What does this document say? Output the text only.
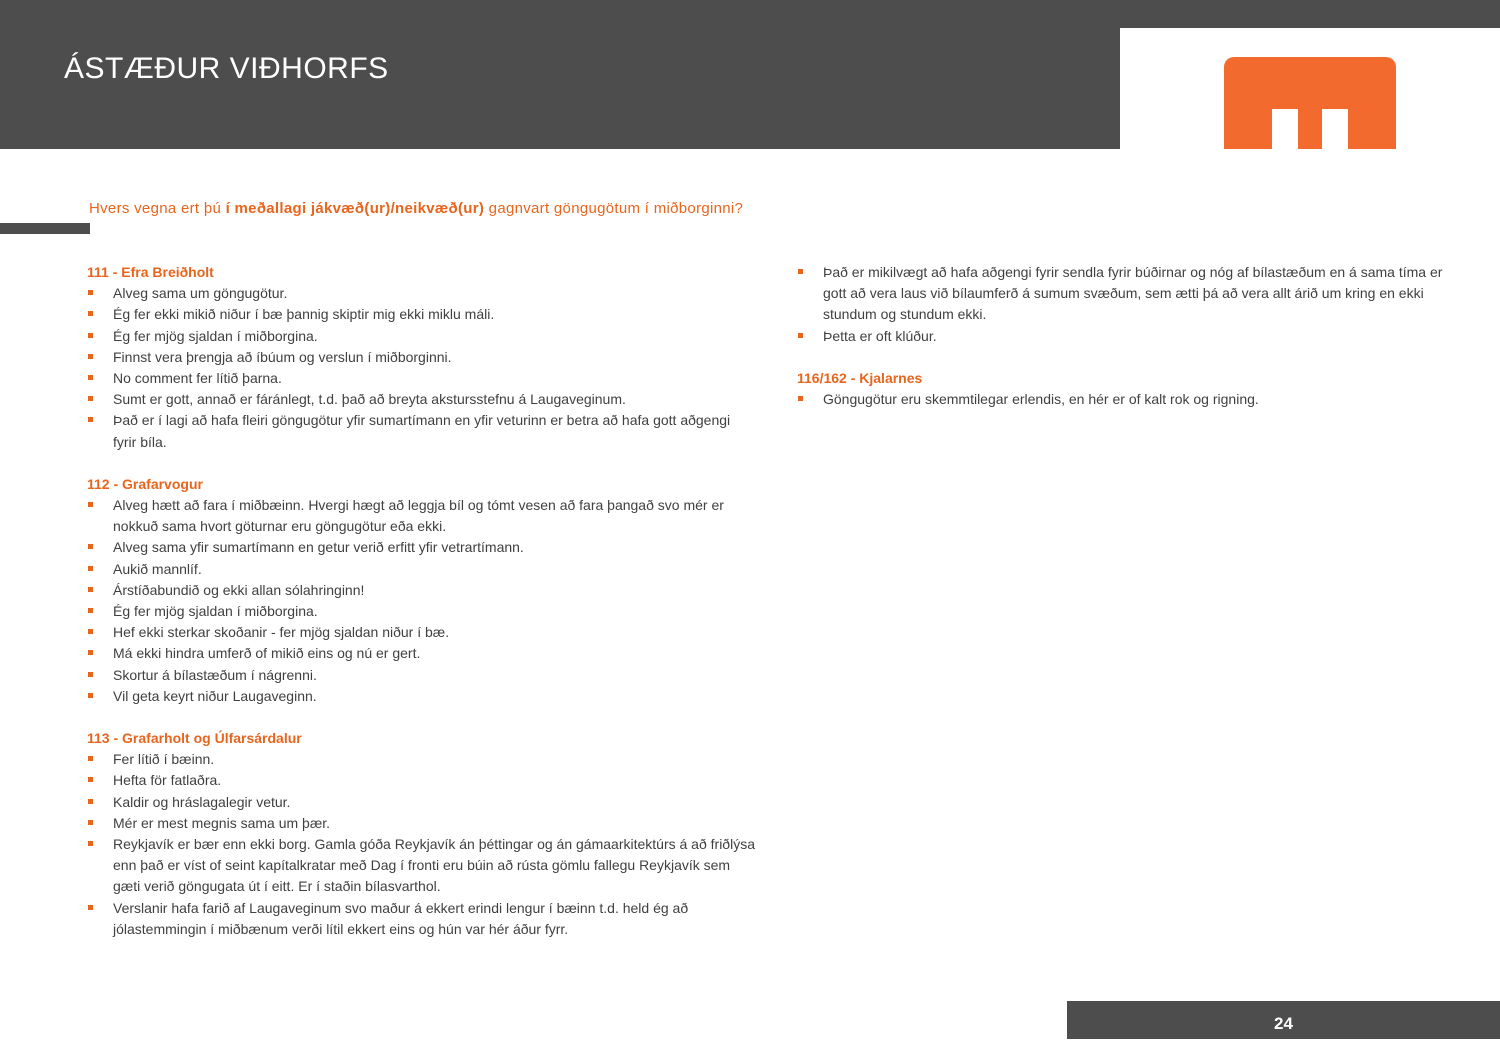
ÁSTÆÐUR VIÐHORFS
Hvers vegna ert þú í meðallagi jákvæð(ur)/neikvæð(ur) gagnvart göngugötum í miðborginni?

111 - Efra Breiðholt

Alveg sama um göngugötur.
Ég fer ekki mikið niður í bæ þannig skiptir mig ekki miklu máli.
Ég fer mjög sjaldan í miðborgina.
Finnst vera þrengja að íbúum og verslun í miðborginni.
No comment fer lítið þarna.
Sumt er gott, annað er fáránlegt, t.d. það að breyta akstursstefnu á Laugaveginum.
Það er í lagi að hafa fleiri göngugötur yfir sumartímann en yfir veturinn er betra að hafa gott aðgengi fyrir bíla.

112 - Grafarvogur

Alveg hætt að fara í miðbæinn. Hvergi hægt að leggja bíl og tómt vesen að fara þangað svo mér er nokkuð sama hvort göturnar eru göngugötur eða ekki.
Alveg sama yfir sumartímann en getur verið erfitt yfir vetrartímann.
Aukið mannlíf.
Árstíðabundið og ekki allan sólahringinn!
Ég fer mjög sjaldan í miðborgina.
Hef ekki sterkar skoðanir - fer mjög sjaldan niður í bæ.
Má ekki hindra umferð of mikið eins og nú er gert.
Skortur á bílastæðum í nágrenni.
Vil geta keyrt niður Laugaveginn.

113 - Grafarholt og Úlfarsárdalur

Fer lítið í bæinn.
Hefta för fatlaðra.
Kaldir og hráslagalegir vetur.
Mér er mest megnis sama um þær.
Reykjavík er bær enn ekki borg. Gamla góða Reykjavík án þéttingar og án gámaarkitektúrs á að friðlýsa enn það er víst of seint kapítalkratar með Dag í fronti eru búin að rústa gömlu fallegu Reykjavík sem gæti verið göngugata út í eitt. Er í staðin bílasvarthol.
Verslanir hafa farið af Laugaveginum svo maður á ekkert erindi lengur í bæinn t.d. held ég að jólastemmingin í miðbænum verði lítil ekkert eins og hún var hér áður fyrr.
Það er mikilvægt að hafa aðgengi fyrir sendla fyrir búðirnar og nóg af bílastæðum en á sama tíma er gott að vera laus við bílaumferð á sumum svæðum, sem ætti þá að vera allt árið um kring en ekki stundum og stundum ekki.
Þetta er oft klúður.

116/162 - Kjalarnes

Göngugötur eru skemmtilegar erlendis, en hér er of kalt rok og rigning.
24
